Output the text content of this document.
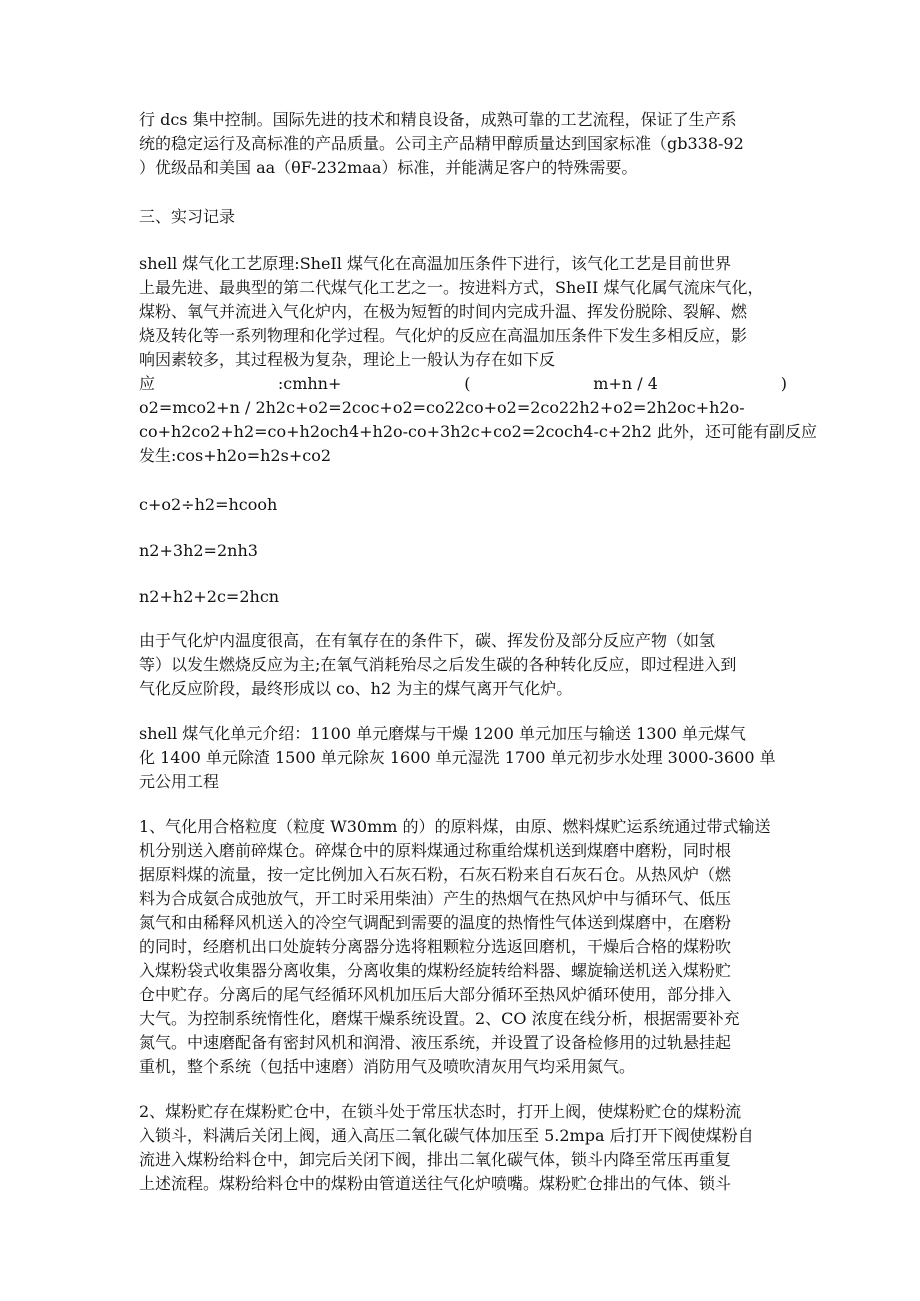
行 dcs 集中控制。国际先进的技术和精良设备，成熟可靠的工艺流程，保证了生产系
统的稳定运行及高标准的产品质量。公司主产品精甲醇质量达到国家标准（gb338-92
）优级品和美国 aa（θF-232maa）标准，并能满足客户的特殊需要。
三、实习记录
shell 煤气化工艺原理:SheIl 煤气化在高温加压条件下进行，该气化工艺是目前世界
上最先进、最典型的第二代煤气化工艺之一。按进料方式，SheII 煤气化属气流床气化，
煤粉、氧气并流进入气化炉内，在极为短暂的时间内完成升温、挥发份脱除、裂解、燃
烧及转化等一系列物理和化学过程。气化炉的反应在高温加压条件下发生多相反应，影
响因素较多，其过程极为复杂，理论上一般认为存在如下反
应	:cmhn+	(	m+n / 4	)
o2=mco2+n / 2h2c+o2=2coc+o2=co22co+o2=2co22h2+o2=2h2oc+h2o-
co+h2co2+h2=co+h2och4+h2o-co+3h2c+co2=2coch4-c+2h2 此外，还可能有副反应
发生:cos+h2o=h2s+co2
c+o2÷h2=hcooh
n2+3h2=2nh3
n2+h2+2c=2hcn
由于气化炉内温度很高，在有氧存在的条件下，碳、挥发份及部分反应产物（如氢
等）以发生燃烧反应为主;在氧气消耗殆尽之后发生碳的各种转化反应，即过程进入到
气化反应阶段，最终形成以 co、h2 为主的煤气离开气化炉。
shell 煤气化单元介绍：1100 单元磨煤与干燥 1200 单元加压与输送 1300 单元煤气
化 1400 单元除渣 1500 单元除灰 1600 单元湿洗 1700 单元初步水处理 3000-3600 单
元公用工程
1、气化用合格粒度（粒度 W30mm 的）的原料煤，由原、燃料煤贮运系统通过带式输送
机分别送入磨前碎煤仓。碎煤仓中的原料煤通过称重给煤机送到煤磨中磨粉，同时根
据原料煤的流量，按一定比例加入石灰石粉，石灰石粉来自石灰石仓。从热风炉（燃
料为合成氨合成弛放气，开工时采用柴油）产生的热烟气在热风炉中与循环气、低压
氮气和由稀释风机送入的冷空气调配到需要的温度的热惰性气体送到煤磨中，在磨粉
的同时，经磨机出口处旋转分离器分选将粗颗粒分选返回磨机，干燥后合格的煤粉吹
入煤粉袋式收集器分离收集，分离收集的煤粉经旋转给料器、螺旋输送机送入煤粉贮
仓中贮存。分离后的尾气经循环风机加压后大部分循环至热风炉循环使用，部分排入
大气。为控制系统惰性化，磨煤干燥系统设置。2、CO 浓度在线分析，根据需要补充
氮气。中速磨配备有密封风机和润滑、液压系统，并设置了设备检修用的过轨悬挂起
重机，整个系统（包括中速磨）消防用气及喷吹清灰用气均采用氮气。
2、煤粉贮存在煤粉贮仓中，在锁斗处于常压状态时，打开上阀，使煤粉贮仓的煤粉流
入锁斗，料满后关闭上阀，通入高压二氧化碳气体加压至 5.2mpa 后打开下阀使煤粉自
流进入煤粉给料仓中，卸完后关闭下阀，排出二氧化碳气体，锁斗内降至常压再重复
上述流程。煤粉给料仓中的煤粉由管道送往气化炉喷嘴。煤粉贮仓排出的气体、锁斗
